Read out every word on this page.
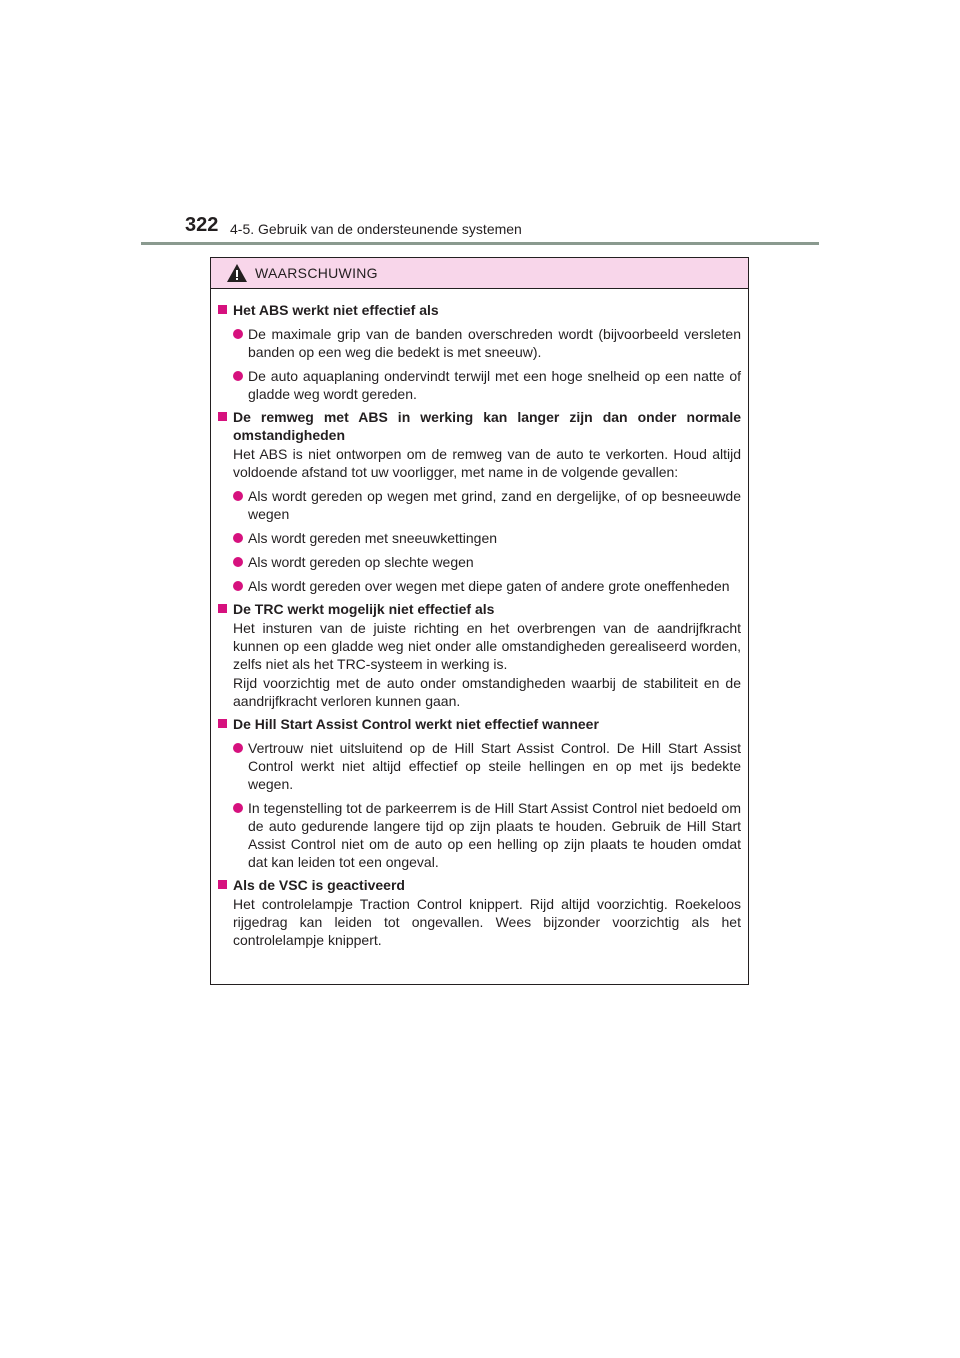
322 4-5. Gebruik van de ondersteunende systemen
WAARSCHUWING
Het ABS werkt niet effectief als
De maximale grip van de banden overschreden wordt (bijvoorbeeld versleten banden op een weg die bedekt is met sneeuw).
De auto aquaplaning ondervindt terwijl met een hoge snelheid op een natte of gladde weg wordt gereden.
De remweg met ABS in werking kan langer zijn dan onder normale omstandigheden
Het ABS is niet ontworpen om de remweg van de auto te verkorten. Houd altijd voldoende afstand tot uw voorligger, met name in de volgende gevallen:
Als wordt gereden op wegen met grind, zand en dergelijke, of op besneeuwde wegen
Als wordt gereden met sneeuwkettingen
Als wordt gereden op slechte wegen
Als wordt gereden over wegen met diepe gaten of andere grote oneffenheden
De TRC werkt mogelijk niet effectief als
Het insturen van de juiste richting en het overbrengen van de aandrijfkracht kunnen op een gladde weg niet onder alle omstandigheden gerealiseerd worden, zelfs niet als het TRC-systeem in werking is.
Rijd voorzichtig met de auto onder omstandigheden waarbij de stabiliteit en de aandrijfkracht verloren kunnen gaan.
De Hill Start Assist Control werkt niet effectief wanneer
Vertrouw niet uitsluitend op de Hill Start Assist Control. De Hill Start Assist Control werkt niet altijd effectief op steile hellingen en op met ijs bedekte wegen.
In tegenstelling tot de parkeerrem is de Hill Start Assist Control niet bedoeld om de auto gedurende langere tijd op zijn plaats te houden. Gebruik de Hill Start Assist Control niet om de auto op een helling op zijn plaats te houden omdat dat kan leiden tot een ongeval.
Als de VSC is geactiveerd
Het controlelampje Traction Control knippert. Rijd altijd voorzichtig. Roekeloos rijgedrag kan leiden tot ongevallen. Wees bijzonder voorzichtig als het controlelampje knippert.
